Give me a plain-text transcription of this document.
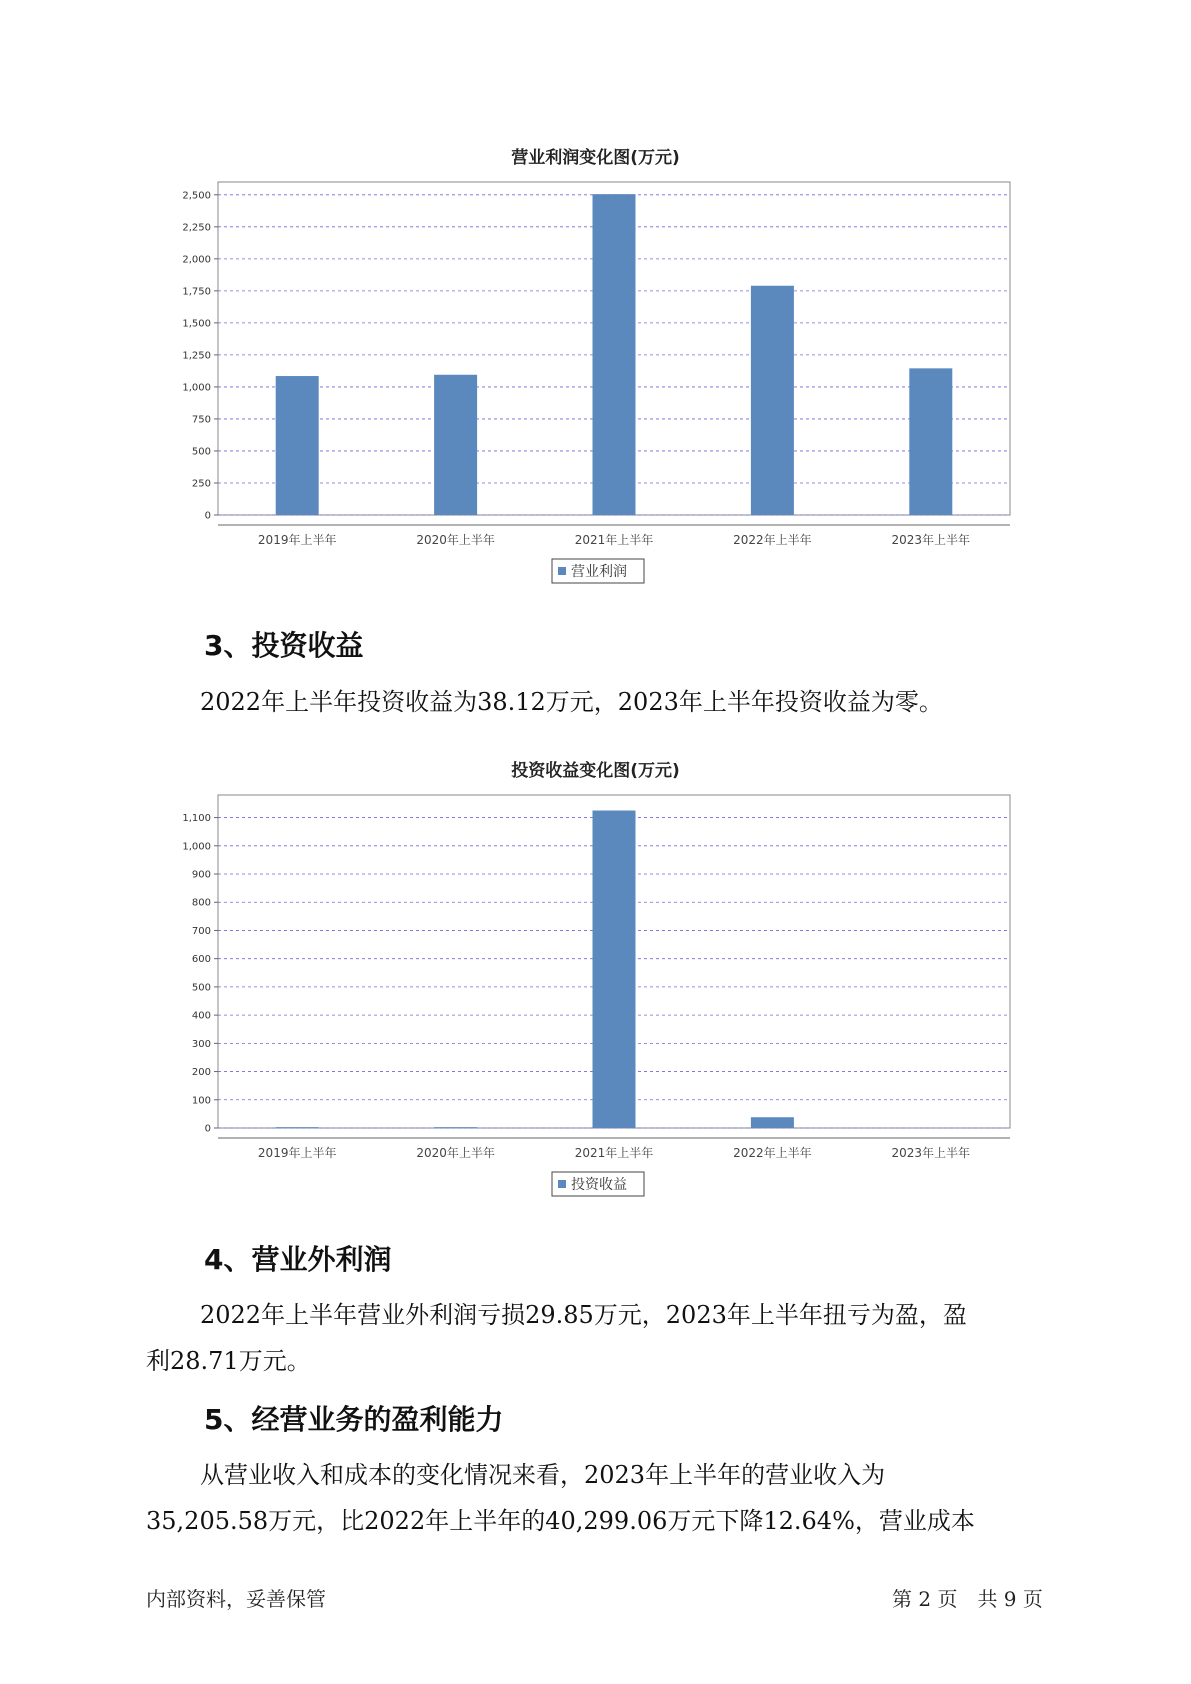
营业利润变化图(万元)
0
250
500
750
1,000
1,250
1,500
1,750
2,000
2,250
2,500
2019年上半年	2020年上半年	2021年上半年	2022年上半年	2023年上半年
营业利润
3、投资收益

2022年上半年投资收益为38.12万元，2023年上半年投资收益为零。

投资收益变化图(万元)
0
100
200
300
400
500
600
700
800
900
1,000
1,100
2019年上半年	2020年上半年	2021年上半年	2022年上半年	2023年上半年
投资收益
4、营业外利润

2022年上半年营业外利润亏损29.85万元，2023年上半年扭亏为盈，盈
利28.71万元。

5、经营业务的盈利能力

从营业收入和成本的变化情况来看，2023年上半年的营业收入为
35,205.58万元，比2022年上半年的40,299.06万元下降12.64%，营业成本

内部资料，妥善保管	第 2 页　共 9 页
